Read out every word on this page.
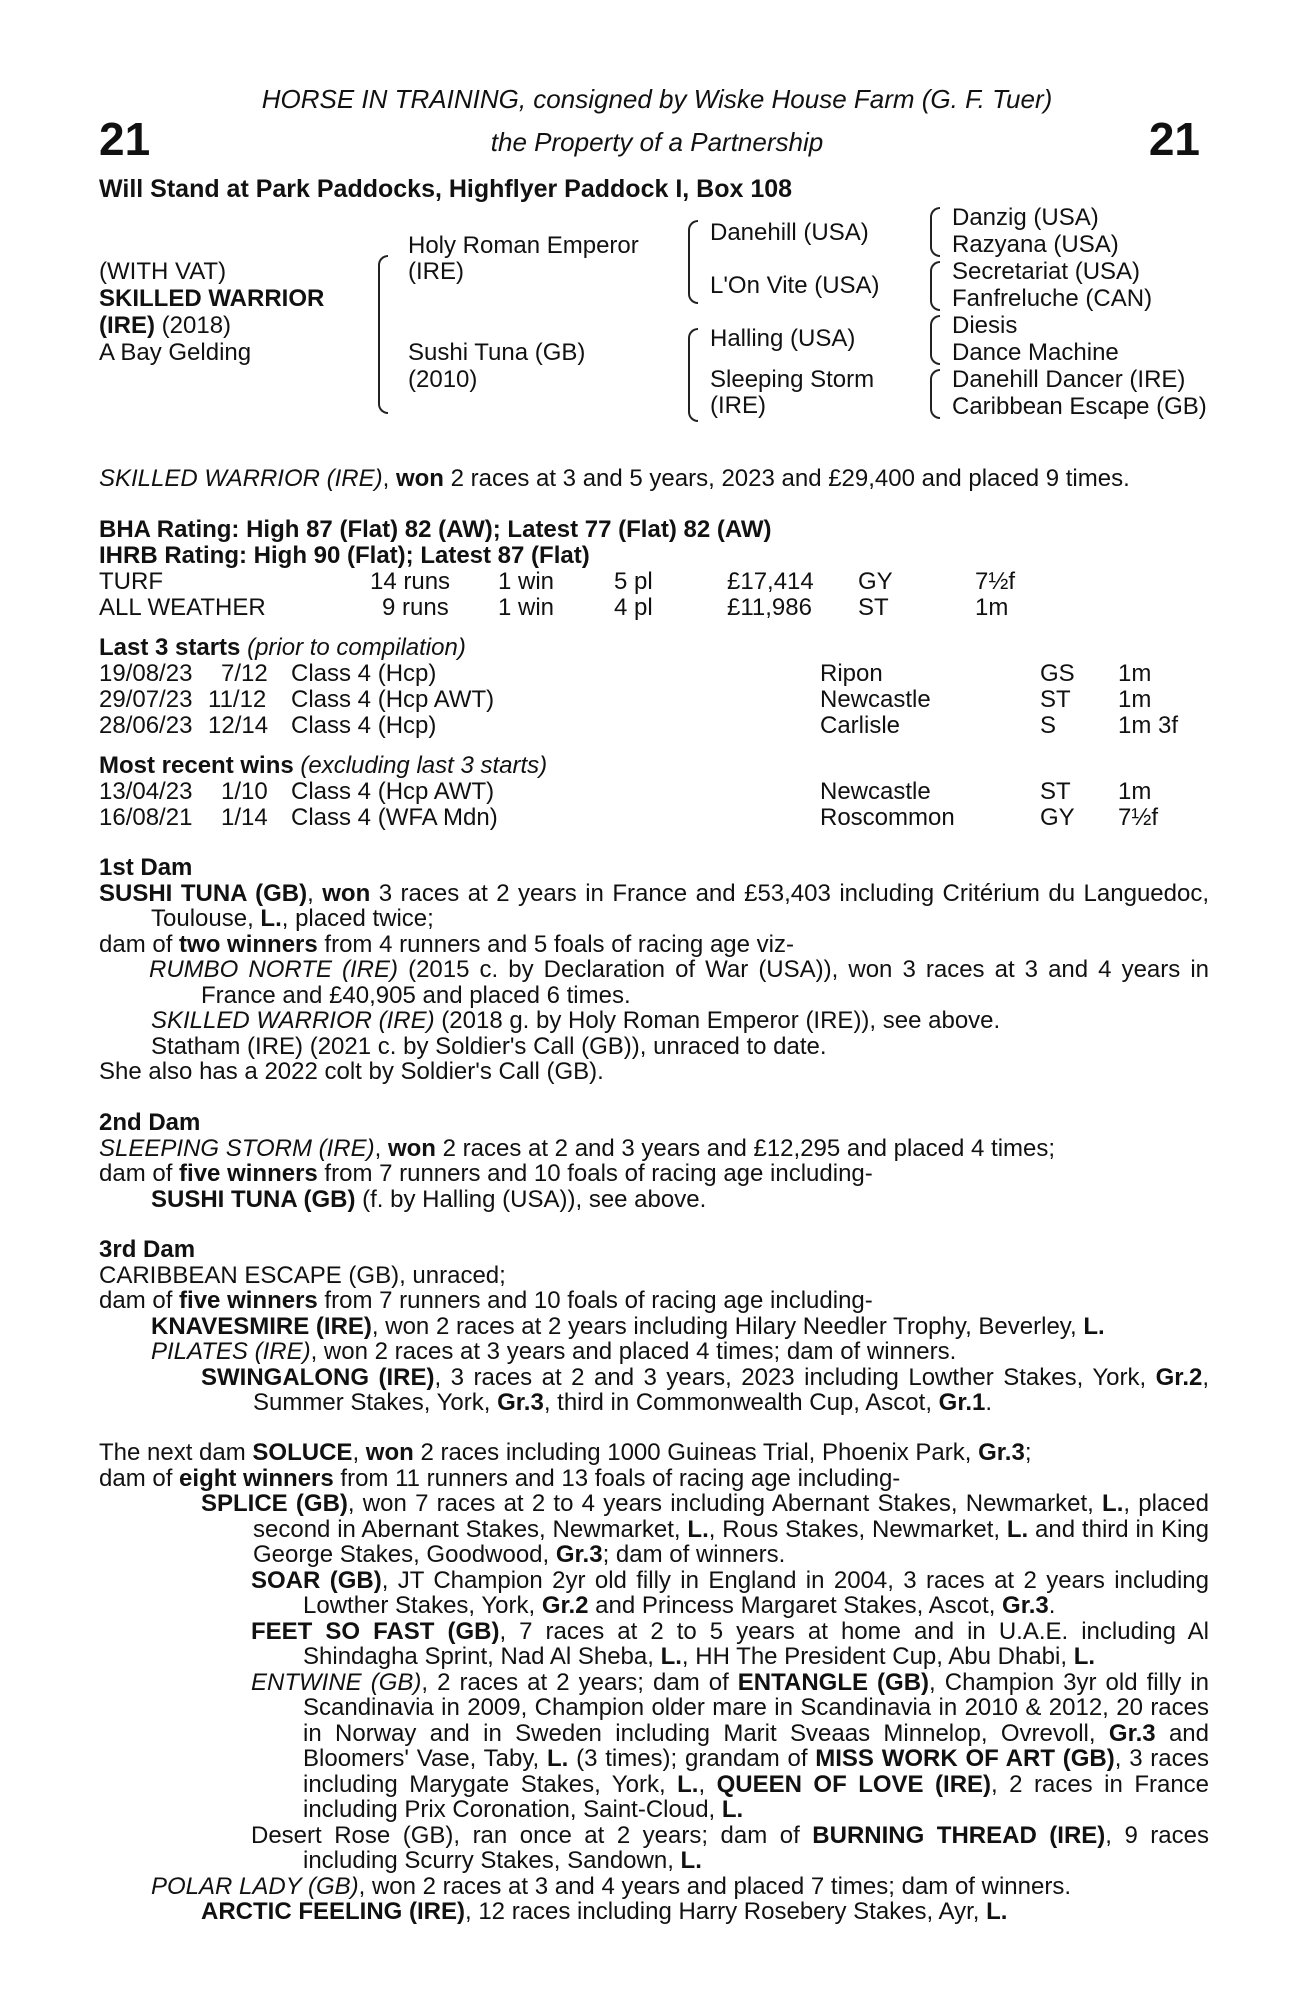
21	21
HORSE IN TRAINING, consigned by Wiske House Farm (G. F. Tuer)
the Property of a Partnership
Will Stand at Park Paddocks, Highflyer Paddock I, Box 108
(WITH VAT)
SKILLED WARRIOR
(IRE) (2018)
A Bay Gelding
Holy Roman Emperor
(IRE)
Sushi Tuna (GB)
(2010)
Danehill (USA)
L'On Vite (USA)
Halling (USA)
Sleeping Storm
(IRE)
Danzig (USA)
Razyana (USA)
Secretariat (USA)
Fanfreluche (CAN)
Diesis
Dance Machine
Danehill Dancer (IRE)
Caribbean Escape (GB)
SKILLED WARRIOR (IRE), won 2 races at 3 and 5 years, 2023 and £29,400 and placed 9 times.
BHA Rating: High 87 (Flat) 82 (AW); Latest 77 (Flat) 82 (AW)
IHRB Rating: High 90 (Flat); Latest 87 (Flat)
TURF	14 runs 1 win 5 pl	£17,414 GY	7½f
ALL WEATHER	9 runs 1 win 4 pl	£11,986 ST	1m
Last 3 starts (prior to compilation)
19/08/23 7/12 Class 4 (Hcp)	Ripon	GS 1m
29/07/23 11/12 Class 4 (Hcp AWT)	Newcastle	ST 1m
28/06/23 12/14 Class 4 (Hcp)	Carlisle	S	1m 3f
Most recent wins (excluding last 3 starts)
13/04/23 1/10 Class 4 (Hcp AWT)	Newcastle	ST 1m
16/08/21 1/14 Class 4 (WFA Mdn)	Roscommon	GY 7½f

1st Dam

SUSHI TUNA (GB), won 3 races at 2 years in France and £53,403 including Critérium du Languedoc, Toulouse, L., placed twice;

dam of two winners from 4 runners and 5 foals of racing age viz-

RUMBO NORTE (IRE) (2015 c. by Declaration of War (USA)), won 3 races at 3 and 4 years in France and £40,905 and placed 6 times.

SKILLED WARRIOR (IRE) (2018 g. by Holy Roman Emperor (IRE)), see above.

Statham (IRE) (2021 c. by Soldier's Call (GB)), unraced to date.

She also has a 2022 colt by Soldier's Call (GB).

2nd Dam

SLEEPING STORM (IRE), won 2 races at 2 and 3 years and £12,295 and placed 4 times;

dam of five winners from 7 runners and 10 foals of racing age including-

SUSHI TUNA (GB) (f. by Halling (USA)), see above.

3rd Dam

CARIBBEAN ESCAPE (GB), unraced;

dam of five winners from 7 runners and 10 foals of racing age including-

KNAVESMIRE (IRE), won 2 races at 2 years including Hilary Needler Trophy, Beverley, L.

PILATES (IRE), won 2 races at 3 years and placed 4 times; dam of winners.

SWINGALONG (IRE), 3 races at 2 and 3 years, 2023 including Lowther Stakes, York, Gr.2, Summer Stakes, York, Gr.3, third in Commonwealth Cup, Ascot, Gr.1.

The next dam SOLUCE, won 2 races including 1000 Guineas Trial, Phoenix Park, Gr.3;

dam of eight winners from 11 runners and 13 foals of racing age including-

SPLICE (GB), won 7 races at 2 to 4 years including Abernant Stakes, Newmarket, L., placed second in Abernant Stakes, Newmarket, L., Rous Stakes, Newmarket, L. and third in King George Stakes, Goodwood, Gr.3; dam of winners.

SOAR (GB), JT Champion 2yr old filly in England in 2004, 3 races at 2 years including Lowther Stakes, York, Gr.2 and Princess Margaret Stakes, Ascot, Gr.3.

FEET SO FAST (GB), 7 races at 2 to 5 years at home and in U.A.E. including Al Shindagha Sprint, Nad Al Sheba, L., HH The President Cup, Abu Dhabi, L.

ENTWINE (GB), 2 races at 2 years; dam of ENTANGLE (GB), Champion 3yr old filly in Scandinavia in 2009, Champion older mare in Scandinavia in 2010 & 2012, 20 races in Norway and in Sweden including Marit Sveaas Minnelop, Ovrevoll, Gr.3 and Bloomers' Vase, Taby, L. (3 times); grandam of MISS WORK OF ART (GB), 3 races including Marygate Stakes, York, L., QUEEN OF LOVE (IRE), 2 races in France including Prix Coronation, Saint-Cloud, L.

Desert Rose (GB), ran once at 2 years; dam of BURNING THREAD (IRE), 9 races including Scurry Stakes, Sandown, L.

POLAR LADY (GB), won 2 races at 3 and 4 years and placed 7 times; dam of winners.

ARCTIC FEELING (IRE), 12 races including Harry Rosebery Stakes, Ayr, L.
